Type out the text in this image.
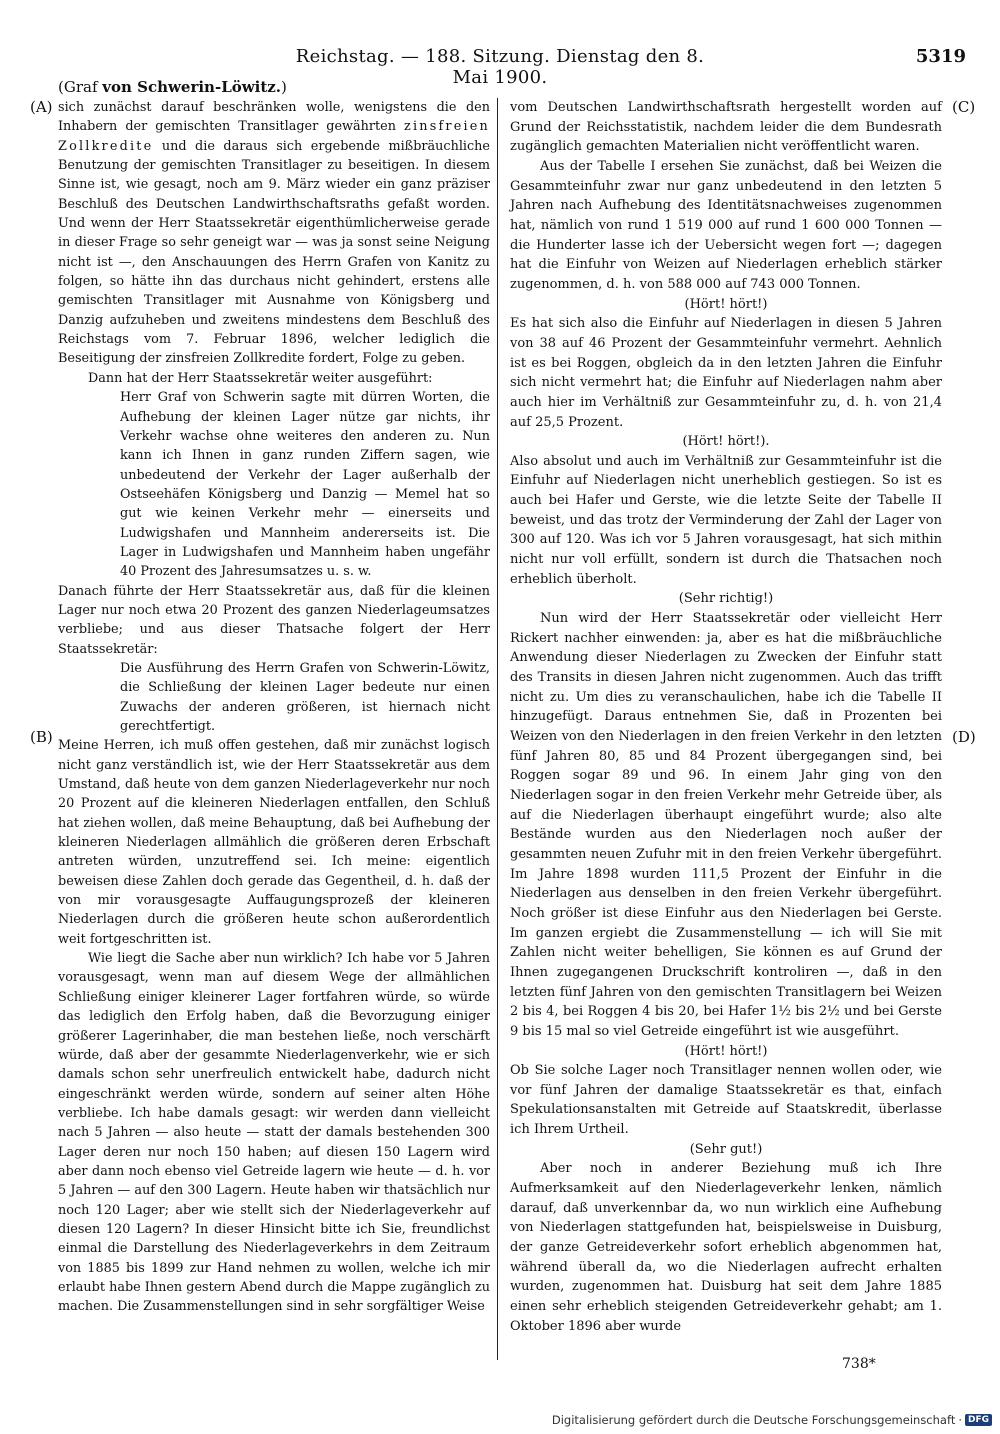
Reichstag. — 188. Sitzung. Dienstag den 8. Mai 1900.
5319
(Graf von Schwerin-Löwitz.)
(A)
(B)
(C)
(D)

sich zunächst darauf beschränken wolle, wenigstens die den Inhabern der gemischten Transitlager gewährten zinsfreien Zollkredite und die daraus sich ergebende mißbräuchliche Benutzung der gemischten Transitlager zu beseitigen. In diesem Sinne ist, wie gesagt, noch am 9. März wieder ein ganz präziser Beschluß des Deutschen Landwirthschaftsraths gefaßt worden. Und wenn der Herr Staatssekretär eigenthümlicherweise gerade in dieser Frage so sehr geneigt war — was ja sonst seine Neigung nicht ist —, den Anschauungen des Herrn Grafen von Kanitz zu folgen, so hätte ihn das durchaus nicht gehindert, erstens alle gemischten Transitlager mit Ausnahme von Königsberg und Danzig aufzuheben und zweitens mindestens dem Beschluß des Reichstags vom 7. Februar 1896, welcher lediglich die Beseitigung der zinsfreien Zollkredite fordert, Folge zu geben.

Dann hat der Herr Staatssekretär weiter ausgeführt:

Herr Graf von Schwerin sagte mit dürren Worten, die Aufhebung der kleinen Lager nütze gar nichts, ihr Verkehr wachse ohne weiteres den anderen zu. Nun kann ich Ihnen in ganz runden Ziffern sagen, wie unbedeutend der Verkehr der Lager außerhalb der Ostseehäfen Königsberg und Danzig — Memel hat so gut wie keinen Verkehr mehr — einerseits und Ludwigshafen und Mannheim andererseits ist. Die Lager in Ludwigshafen und Mannheim haben ungefähr 40 Prozent des Jahresumsatzes u. s. w.

Danach führte der Herr Staatssekretär aus, daß für die kleinen Lager nur noch etwa 20 Prozent des ganzen Niederlageumsatzes verbliebe; und aus dieser Thatsache folgert der Herr Staatssekretär:

Die Ausführung des Herrn Grafen von Schwerin-Löwitz, die Schließung der kleinen Lager bedeute nur einen Zuwachs der anderen größeren, ist hiernach nicht gerechtfertigt.

Meine Herren, ich muß offen gestehen, daß mir zunächst logisch nicht ganz verständlich ist, wie der Herr Staatssekretär aus dem Umstand, daß heute von dem ganzen Niederlageverkehr nur noch 20 Prozent auf die kleineren Niederlagen entfallen, den Schluß hat ziehen wollen, daß meine Behauptung, daß bei Aufhebung der kleineren Niederlagen allmählich die größeren deren Erbschaft antreten würden, unzutreffend sei. Ich meine: eigentlich beweisen diese Zahlen doch gerade das Gegentheil, d. h. daß der von mir vorausgesagte Auffaugungsprozeß der kleineren Niederlagen durch die größeren heute schon außerordentlich weit fortgeschritten ist.

Wie liegt die Sache aber nun wirklich? Ich habe vor 5 Jahren vorausgesagt, wenn man auf diesem Wege der allmählichen Schließung einiger kleinerer Lager fortfahren würde, so würde das lediglich den Erfolg haben, daß die Bevorzugung einiger größerer Lagerinhaber, die man bestehen ließe, noch verschärft würde, daß aber der gesammte Niederlagenverkehr, wie er sich damals schon sehr unerfreulich entwickelt habe, dadurch nicht eingeschränkt werden würde, sondern auf seiner alten Höhe verbliebe. Ich habe damals gesagt: wir werden dann vielleicht nach 5 Jahren — also heute — statt der damals bestehenden 300 Lager deren nur noch 150 haben; auf diesen 150 Lagern wird aber dann noch ebenso viel Getreide lagern wie heute — d. h. vor 5 Jahren — auf den 300 Lagern. Heute haben wir thatsächlich nur noch 120 Lager; aber wie stellt sich der Niederlageverkehr auf diesen 120 Lagern? In dieser Hinsicht bitte ich Sie, freundlichst einmal die Darstellung des Niederlageverkehrs in dem Zeitraum von 1885 bis 1899 zur Hand nehmen zu wollen, welche ich mir erlaubt habe Ihnen gestern Abend durch die Mappe zugänglich zu machen. Die Zusammenstellungen sind in sehr sorgfältiger Weise

vom Deutschen Landwirthschaftsrath hergestellt worden auf Grund der Reichsstatistik, nachdem leider die dem Bundesrath zugänglich gemachten Materialien nicht veröffentlicht waren.

Aus der Tabelle I ersehen Sie zunächst, daß bei Weizen die Gesammteinfuhr zwar nur ganz unbedeutend in den letzten 5 Jahren nach Aufhebung des Identitätsnachweises zugenommen hat, nämlich von rund 1 519 000 auf rund 1 600 000 Tonnen — die Hunderter lasse ich der Uebersicht wegen fort —; dagegen hat die Einfuhr von Weizen auf Niederlagen erheblich stärker zugenommen, d. h. von 588 000 auf 743 000 Tonnen.

(Hört! hört!)

Es hat sich also die Einfuhr auf Niederlagen in diesen 5 Jahren von 38 auf 46 Prozent der Gesammteinfuhr vermehrt. Aehnlich ist es bei Roggen, obgleich da in den letzten Jahren die Einfuhr sich nicht vermehrt hat; die Einfuhr auf Niederlagen nahm aber auch hier im Verhältniß zur Gesammteinfuhr zu, d. h. von 21,4 auf 25,5 Prozent.

(Hört! hört!).

Also absolut und auch im Verhältniß zur Gesammteinfuhr ist die Einfuhr auf Niederlagen nicht unerheblich gestiegen. So ist es auch bei Hafer und Gerste, wie die letzte Seite der Tabelle II beweist, und das trotz der Verminderung der Zahl der Lager von 300 auf 120. Was ich vor 5 Jahren vorausgesagt, hat sich mithin nicht nur voll erfüllt, sondern ist durch die Thatsachen noch erheblich überholt.

(Sehr richtig!)

Nun wird der Herr Staatssekretär oder vielleicht Herr Rickert nachher einwenden: ja, aber es hat die mißbräuchliche Anwendung dieser Niederlagen zu Zwecken der Einfuhr statt des Transits in diesen Jahren nicht zugenommen. Auch das trifft nicht zu. Um dies zu veranschaulichen, habe ich die Tabelle II hinzugefügt. Daraus entnehmen Sie, daß in Prozenten bei Weizen von den Niederlagen in den freien Verkehr in den letzten fünf Jahren 80, 85 und 84 Prozent übergegangen sind, bei Roggen sogar 89 und 96. In einem Jahr ging von den Niederlagen sogar in den freien Verkehr mehr Getreide über, als auf die Niederlagen überhaupt eingeführt wurde; also alte Bestände wurden aus den Niederlagen noch außer der gesammten neuen Zufuhr mit in den freien Verkehr übergeführt. Im Jahre 1898 wurden 111,5 Prozent der Einfuhr in die Niederlagen aus denselben in den freien Verkehr übergeführt. Noch größer ist diese Einfuhr aus den Niederlagen bei Gerste. Im ganzen ergiebt die Zusammenstellung — ich will Sie mit Zahlen nicht weiter behelligen, Sie können es auf Grund der Ihnen zugegangenen Druckschrift kontroliren —, daß in den letzten fünf Jahren von den gemischten Transitlagern bei Weizen 2 bis 4, bei Roggen 4 bis 20, bei Hafer 1½ bis 2½ und bei Gerste 9 bis 15 mal so viel Getreide eingeführt ist wie ausgeführt.

(Hört! hört!)

Ob Sie solche Lager noch Transitlager nennen wollen oder, wie vor fünf Jahren der damalige Staatssekretär es that, einfach Spekulationsanstalten mit Getreide auf Staatskredit, überlasse ich Ihrem Urtheil.

(Sehr gut!)

Aber noch in anderer Beziehung muß ich Ihre Aufmerksamkeit auf den Niederlageverkehr lenken, nämlich darauf, daß unverkennbar da, wo nun wirklich eine Aufhebung von Niederlagen stattgefunden hat, beispielsweise in Duisburg, der ganze Getreideverkehr sofort erheblich abgenommen hat, während überall da, wo die Niederlagen aufrecht erhalten wurden, zugenommen hat. Duisburg hat seit dem Jahre 1885 einen sehr erheblich steigenden Getreideverkehr gehabt; am 1. Oktober 1896 aber wurde

738*
Digitalisierung gefördert durch die Deutsche Forschungsgemeinschaft · DFG
